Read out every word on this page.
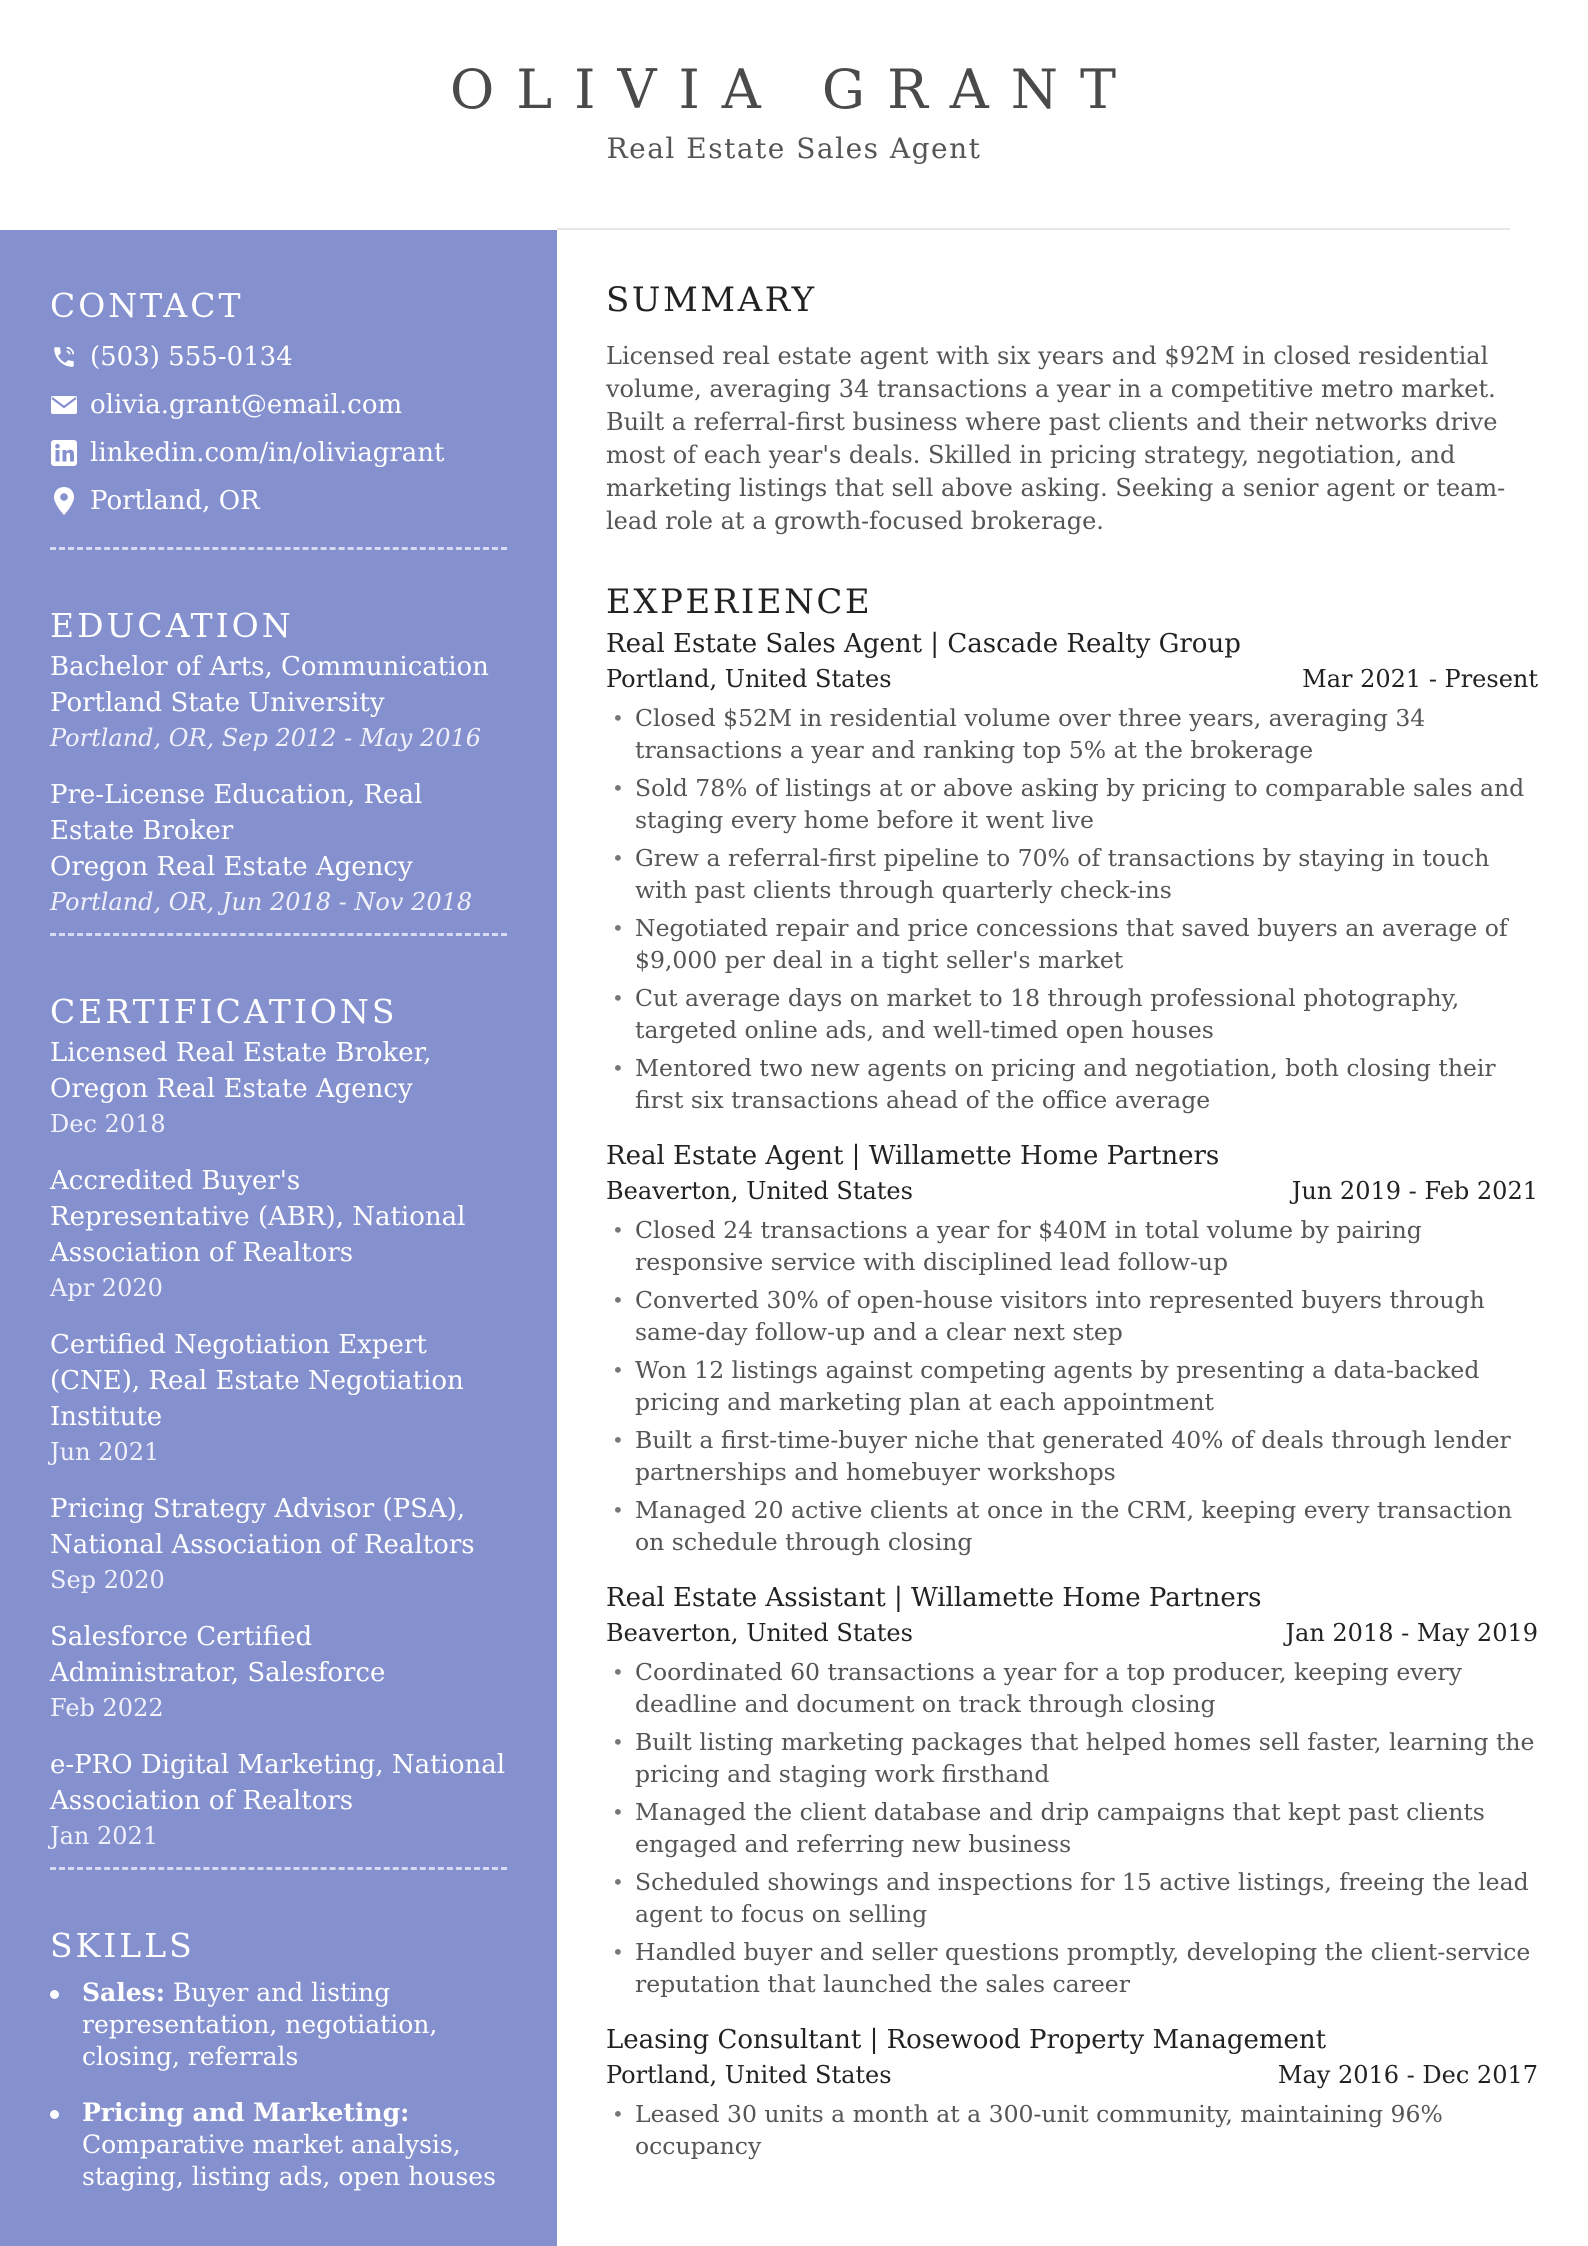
OLIVIA GRANT
Real Estate Sales Agent
CONTACT
(503) 555-0134
olivia.grant@email.com
linkedin.com/in/oliviagrant
Portland, OR
EDUCATION
Bachelor of Arts, Communication
Portland State University
Portland, OR, Sep 2012 - May 2016
Pre-License Education, Real Estate Broker
Oregon Real Estate Agency
Portland, OR, Jun 2018 - Nov 2018
CERTIFICATIONS
Licensed Real Estate Broker, Oregon Real Estate Agency
Dec 2018
Accredited Buyer's Representative (ABR), National Association of Realtors
Apr 2020
Certified Negotiation Expert (CNE), Real Estate Negotiation Institute
Jun 2021
Pricing Strategy Advisor (PSA), National Association of Realtors
Sep 2020
Salesforce Certified Administrator, Salesforce
Feb 2022
e-PRO Digital Marketing, National Association of Realtors
Jan 2021
SKILLS
Sales: Buyer and listing representation, negotiation, closing, referrals
Pricing and Marketing: Comparative market analysis, staging, listing ads, open houses
SUMMARY

Licensed real estate agent with six years and $92M in closed residential volume, averaging 34 transactions a year in a competitive metro market. Built a referral-first business where past clients and their networks drive most of each year's deals. Skilled in pricing strategy, negotiation, and marketing listings that sell above asking. Seeking a senior agent or team-lead role at a growth-focused brokerage.

EXPERIENCE
Real Estate Sales Agent | Cascade Realty Group
Portland, United States	Mar 2021 - Present
• Closed $52M in residential volume over three years, averaging 34 transactions a year and ranking top 5% at the brokerage
• Sold 78% of listings at or above asking by pricing to comparable sales and staging every home before it went live
• Grew a referral-first pipeline to 70% of transactions by staying in touch with past clients through quarterly check-ins
• Negotiated repair and price concessions that saved buyers an average of $9,000 per deal in a tight seller's market
• Cut average days on market to 18 through professional photography, targeted online ads, and well-timed open houses
• Mentored two new agents on pricing and negotiation, both closing their first six transactions ahead of the office average
Real Estate Agent | Willamette Home Partners
Beaverton, United States	Jun 2019 - Feb 2021
• Closed 24 transactions a year for $40M in total volume by pairing responsive service with disciplined lead follow-up
• Converted 30% of open-house visitors into represented buyers through same-day follow-up and a clear next step
• Won 12 listings against competing agents by presenting a data-backed pricing and marketing plan at each appointment
• Built a first-time-buyer niche that generated 40% of deals through lender partnerships and homebuyer workshops
• Managed 20 active clients at once in the CRM, keeping every transaction on schedule through closing
Real Estate Assistant | Willamette Home Partners
Beaverton, United States	Jan 2018 - May 2019
• Coordinated 60 transactions a year for a top producer, keeping every deadline and document on track through closing
• Built listing marketing packages that helped homes sell faster, learning the pricing and staging work firsthand
• Managed the client database and drip campaigns that kept past clients engaged and referring new business
• Scheduled showings and inspections for 15 active listings, freeing the lead agent to focus on selling
• Handled buyer and seller questions promptly, developing the client-service reputation that launched the sales career
Leasing Consultant | Rosewood Property Management
Portland, United States	May 2016 - Dec 2017
• Leased 30 units a month at a 300-unit community, maintaining 96% occupancy
